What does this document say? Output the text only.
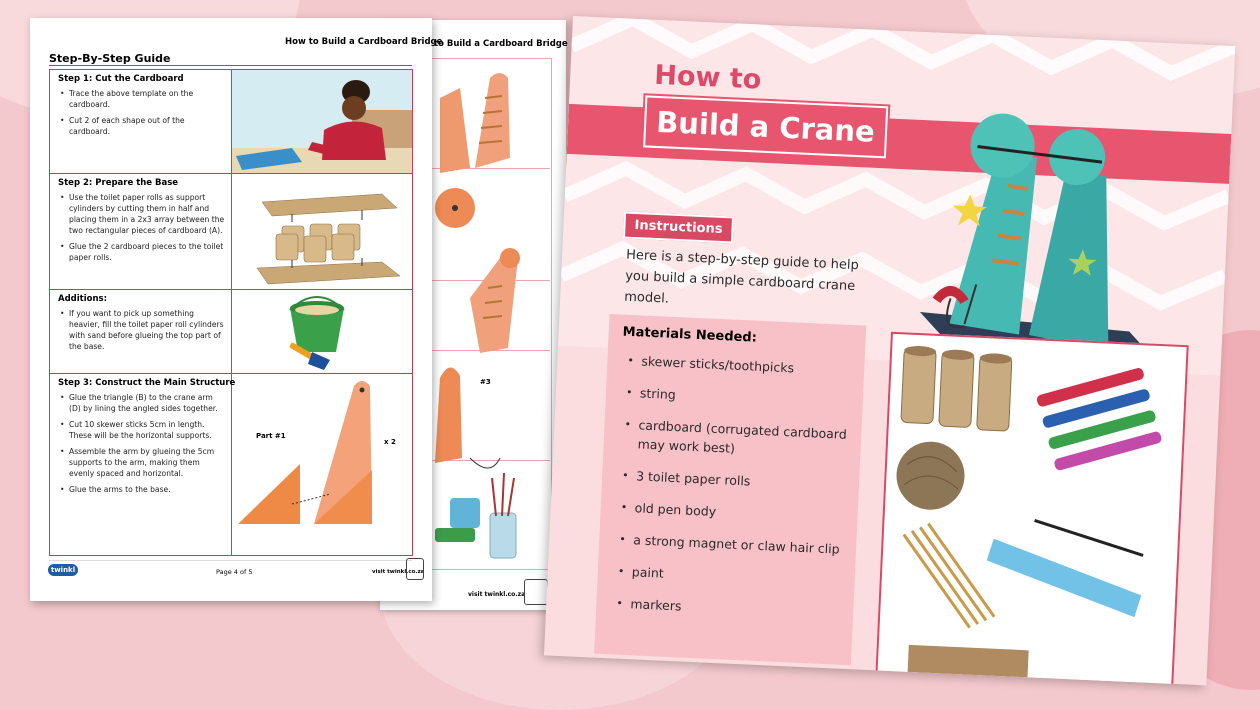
to Build a Cardboard Bridge
#3
visit twinkl.co.za
How to Build a Cardboard Bridge
Step-By-Step Guide
Step 1: Cut the Cardboard
• Trace the above template on the cardboard.
• Cut 2 of each shape out of the cardboard.
Step 2: Prepare the Base
• Use the toilet paper rolls as support cylinders by cutting them in half and placing them in a 2x3 array between the two rectangular pieces of cardboard (A).
• Glue the 2 cardboard pieces to the toilet paper rolls.
Additions:
• If you want to pick up something heavier, fill the toilet paper roll cylinders with sand before glueing the top part of the base.
Step 3: Construct the Main Structure
• Glue the triangle (B) to the crane arm (D) by lining the angled sides together.
• Cut 10 skewer sticks 5cm in length. These will be the horizontal supports.
• Assemble the arm by glueing the 5cm supports to the arm, making them evenly spaced and horizontal.
• Glue the arms to the base.
Part #1
x 2
twinkl	Page 4 of 5	visit twinkl.co.za
How to
Build a Crane
Instructions
Here is a step-by-step guide to help you build a simple cardboard crane model.
Materials Needed:
• skewer sticks/toothpicks
• string
• cardboard (corrugated cardboard may work best)
• 3 toilet paper rolls
• old pen body
• a strong magnet or claw hair clip
• paint
• markers
